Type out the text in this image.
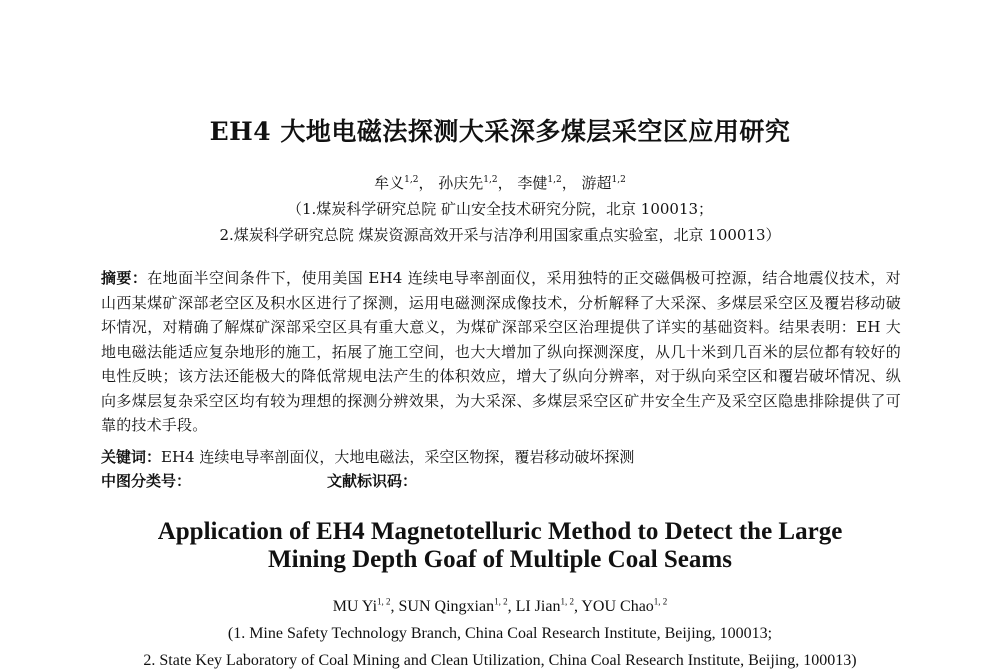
EH4 大地电磁法探测大采深多煤层采空区应用研究
牟义$^{1,2}$， 孙庆先$^{1,2}$， 李健$^{1,2}$， 游超$^{1,2}$
（1.煤炭科学研究总院 矿山安全技术研究分院，北京 100013；
2.煤炭科学研究总院 煤炭资源高效开采与洁净利用国家重点实验室，北京 100013）
摘要：在地面半空间条件下，使用美国 EH4 连续电导率剖面仪，采用独特的正交磁偶极可控源，结合地震仪技术，对山西某煤矿深部老空区及积水区进行了探测，运用电磁测深成像技术，分析解释了大采深、多煤层采空区及覆岩移动破坏情况，对精确了解煤矿深部采空区具有重大意义，为煤矿深部采空区治理提供了详实的基础资料。结果表明：EH 大地电磁法能适应复杂地形的施工，拓展了施工空间，也大大增加了纵向探测深度，从几十米到几百米的层位都有较好的电性反映；该方法还能极大的降低常规电法产生的体积效应，增大了纵向分辨率，对于纵向采空区和覆岩破坏情况、纵向多煤层复杂采空区均有较为理想的探测分辨效果，为大采深、多煤层采空区矿井安全生产及采空区隐患排除提供了可靠的技术手段。
关键词：EH4 连续电导率剖面仪，大地电磁法，采空区物探，覆岩移动破坏探测
中图分类号：	文献标识码：
Application of EH4 Magnetotelluric Method to Detect the Large
Mining Depth Goaf of Multiple Coal Seams
MU Yi$^{1, 2}$, SUN Qingxian$^{1, 2}$, LI Jian$^{1, 2}$, YOU Chao$^{1, 2}$
(1. Mine Safety Technology Branch, China Coal Research Institute, Beijing, 100013;
2. State Key Laboratory of Coal Mining and Clean Utilization, China Coal Research Institute, Beijing, 100013)
